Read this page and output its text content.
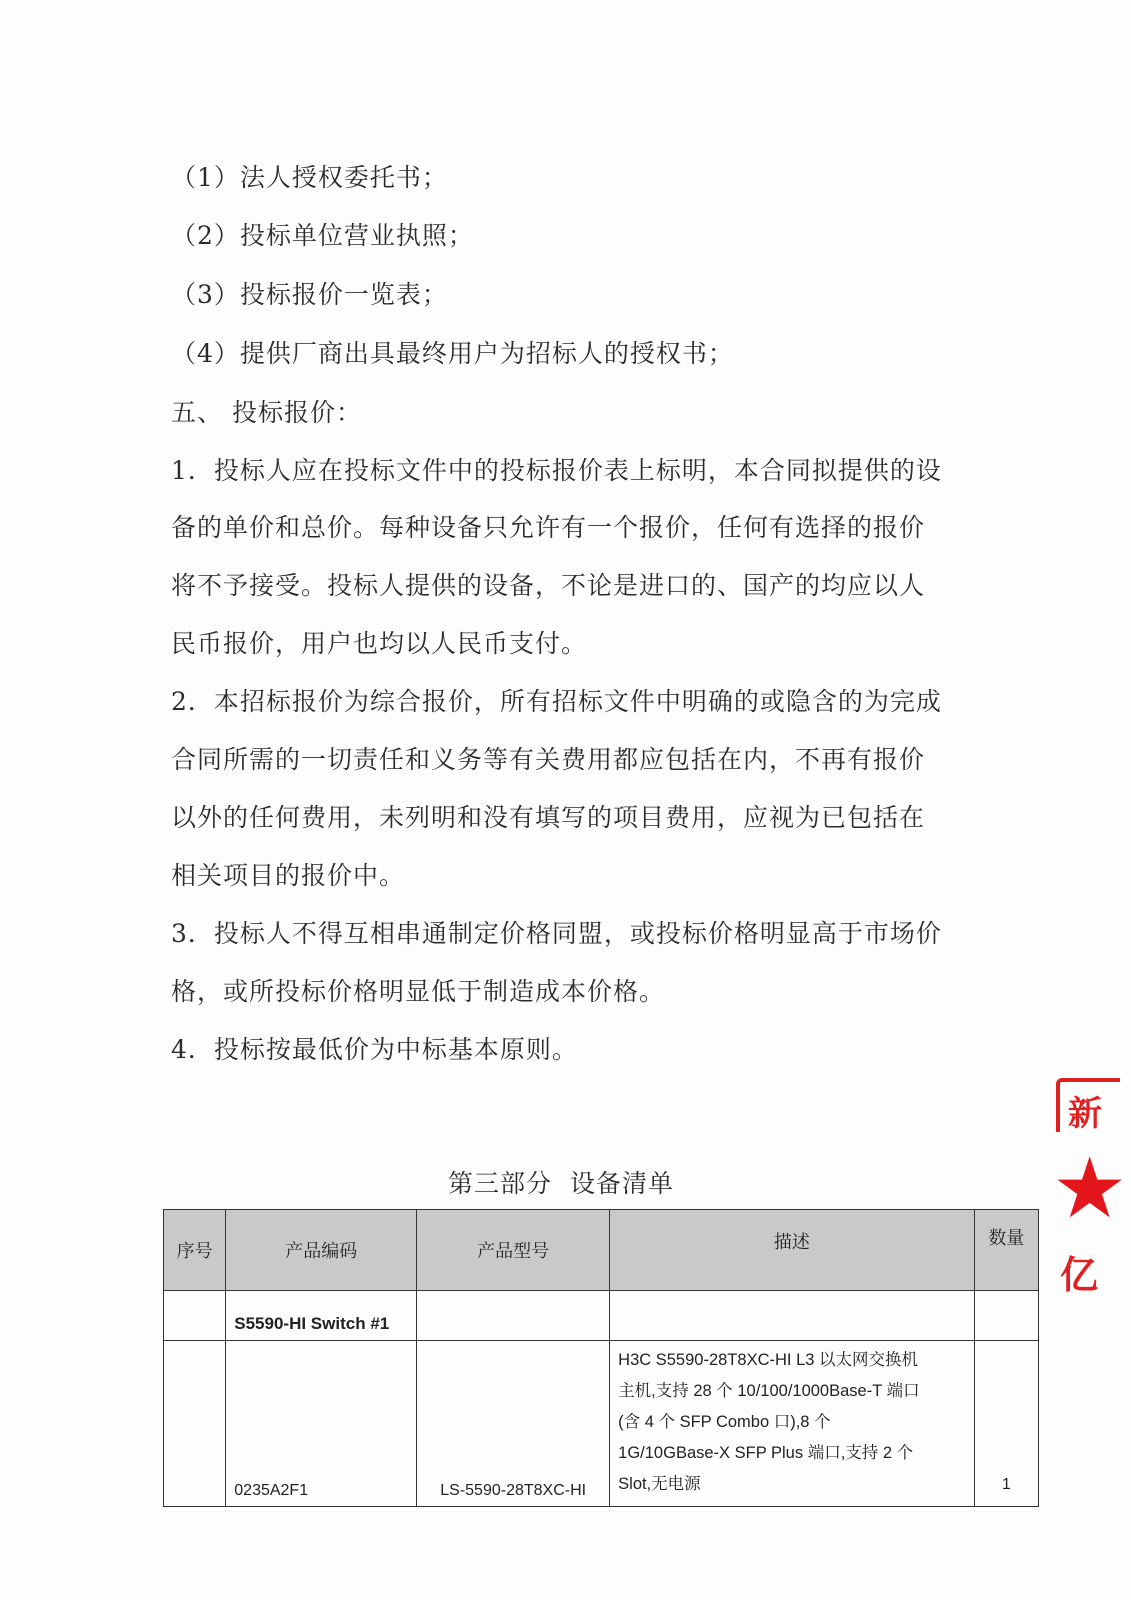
（1）法人授权委托书；
（2）投标单位营业执照；
（3）投标报价一览表；
（4）提供厂商出具最终用户为招标人的授权书；
五、 投标报价：
1．投标人应在投标文件中的投标报价表上标明，本合同拟提供的设
备的单价和总价。每种设备只允许有一个报价，任何有选择的报价
将不予接受。投标人提供的设备，不论是进口的、国产的均应以人
民币报价，用户也均以人民币支付。
2．本招标报价为综合报价，所有招标文件中明确的或隐含的为完成
合同所需的一切责任和义务等有关费用都应包括在内，不再有报价
以外的任何费用，未列明和没有填写的项目费用，应视为已包括在
相关项目的报价中。
3．投标人不得互相串通制定价格同盟，或投标价格明显高于市场价
格，或所投标价格明显低于制造成本价格。
4．投标按最低价为中标基本原则。
第三部分 设备清单
序号	产品编码	产品型号	描述	数量
	S5590-HI Switch #1			
	0235A2F1	LS-5590-28T8XC-HI	H3C S5590-28T8XC-HI L3 以太网交换机
主机,支持 28 个 10/100/1000Base-T 端口
(含 4 个 SFP Combo 口),8 个
1G/10GBase-X SFP Plus 端口,支持 2 个
Slot,无电源	1
新
★
亿
